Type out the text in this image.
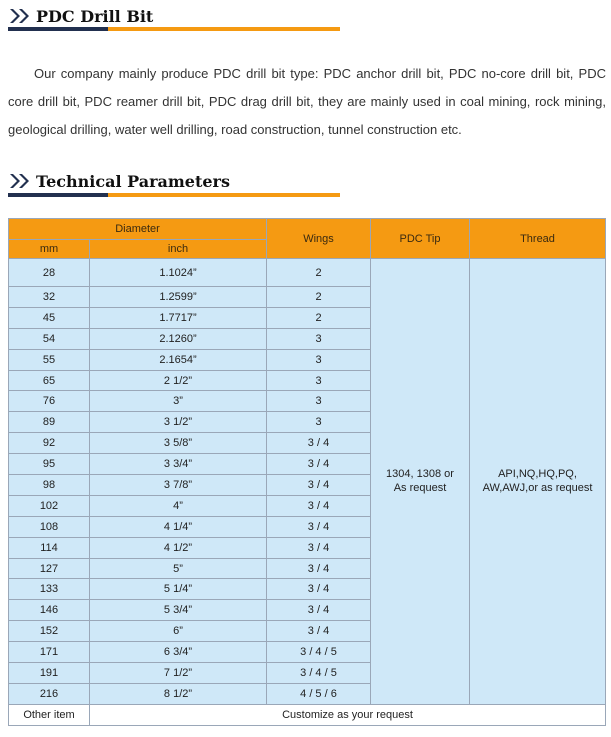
PDC Drill Bit

Our company mainly produce PDC drill bit type: PDC anchor drill bit, PDC no-core drill bit, PDC core drill bit, PDC reamer drill bit, PDC drag drill bit, they are mainly used in coal mining, rock mining, geological drilling, water well drilling, road construction, tunnel construction etc.

Technical Parameters
Diameter		Wings	PDC Tip	Thread
mm	inch			
28	1.1024”	2	1304, 1308 or As request	API,NQ,HQ,PQ, AW,AWJ,or as request
32	1.2599”	2		
45	1.7717”	2		
54	2.1260”	3		
55	2.1654”	3		
65	2 1/2”	3		
76	3”	3		
89	3 1/2”	3		
92	3 5/8”	3 / 4		
95	3 3/4”	3 / 4		
98	3 7/8”	3 / 4		
102	4”	3 / 4		
108	4 1/4”	3 / 4		
114	4 1/2”	3 / 4		
127	5”	3 / 4		
133	5 1/4”	3 / 4		
146	5 3/4”	3 / 4		
152	6”	3 / 4		
171	6 3/4”	3 / 4 / 5		
191	7 1/2”	3 / 4 / 5		
216	8 1/2”	4 / 5 / 6		
Other item	Customize as your request			
